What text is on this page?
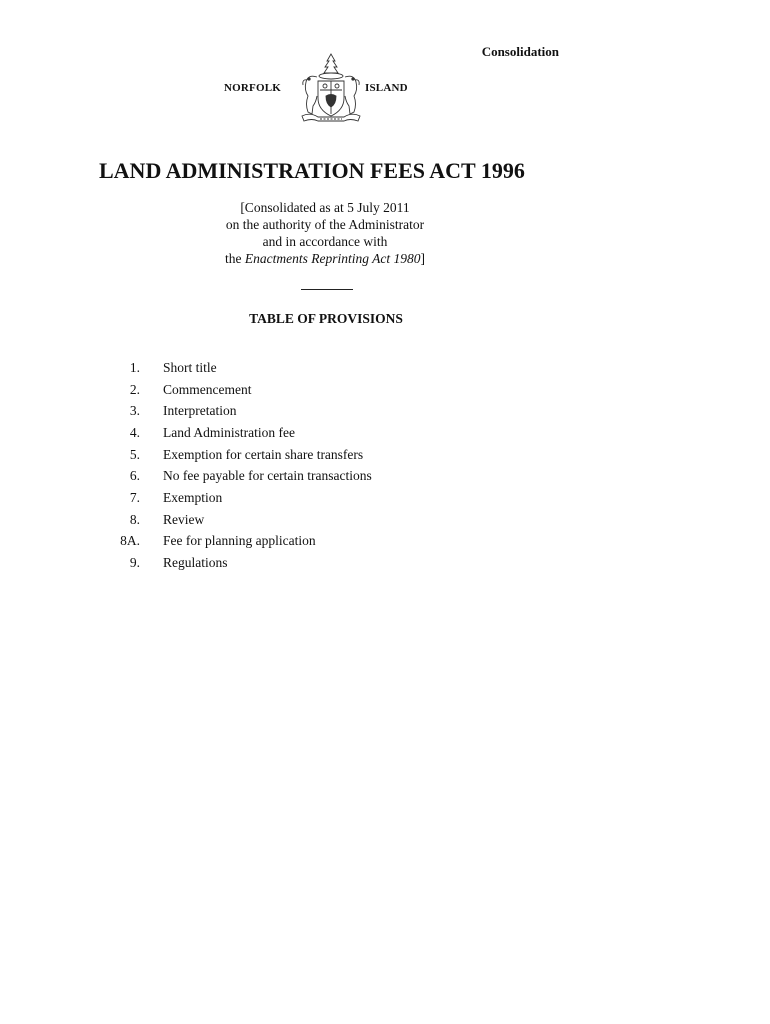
Consolidation
NORFOLK	ISLAND
LAND ADMINISTRATION FEES ACT 1996
[Consolidated as at 5 July 2011
on the authority of the Administrator
and in accordance with
the Enactments Reprinting Act 1980]
TABLE OF PROVISIONS
1. Short title
2. Commencement
3. Interpretation
4. Land Administration fee
5. Exemption for certain share transfers
6. No fee payable for certain transactions
7. Exemption
8. Review
8A. Fee for planning application
9. Regulations
